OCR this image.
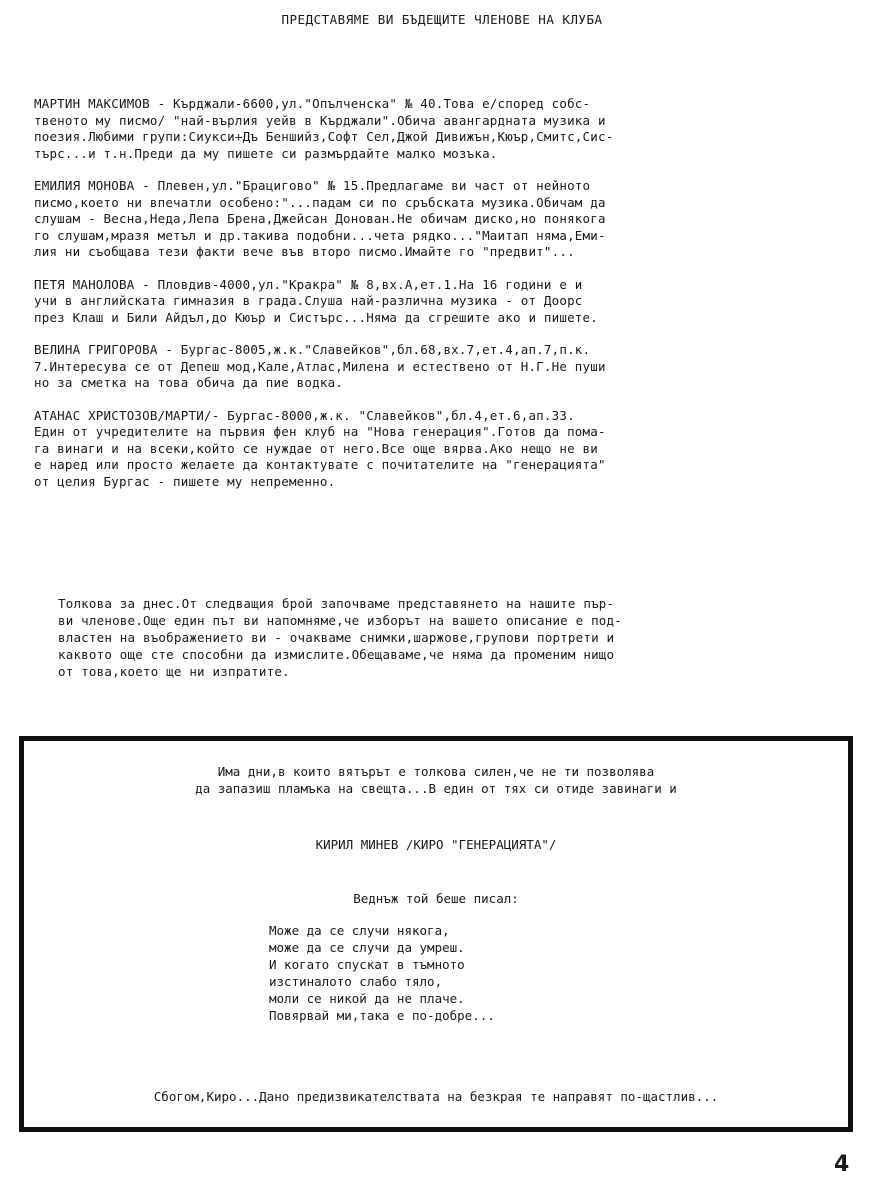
ПРЕДСТАВЯМЕ ВИ БЪДЕЩИТЕ ЧЛЕНОВЕ НА КЛУБА

МАРТИН МАКСИМОВ - Кърджали-6600,ул."Опълченска" № 40.Това е/според собс-
твеното му писмо/ "най-върлия уейв в Кърджали".Обича авангардната музика и
поезия.Любими групи:Сиукси+Дъ Беншийз,Софт Сел,Джой Дивижън,Кюър,Смитс,Сис-
търс...и т.н.Преди да му пишете си размърдайте малко мозъка.

ЕМИЛИЯ МОНОВА - Плевен,ул."Брацигово" № 15.Предлагаме ви част от нейното
писмо,което ни впечатли особено:"...падам си по сръбската музика.Обичам да
слушам - Весна,Неда,Лепа Брена,Джейсан Донован.Не обичам диско,но понякога
го слушам,мразя метъл и др.такива подобни...чета рядко..."Маитап няма,Еми-
лия ни съобщава тези факти вече във второ писмо.Имайте го "предвит"...

ПЕТЯ МАНОЛОВА - Пловдив-4000,ул."Кракра" № 8,вх.А,ет.1.На 16 години е и
учи в английската гимназия в града.Слуша най-различна музика - от Доорс
през Клаш и Били Айдъл,до Кюър и Систърс...Няма да сгрешите ако и пишете.

ВЕЛИНА ГРИГОРОВА - Бургас-8005,ж.к."Славейков",бл.68,вх.7,ет.4,ап.7,п.к.
7.Интересува се от Депеш мод,Кале,Атлас,Милена и естествено от Н.Г.Не пуши
но за сметка на това обича да пие водка.

АТАНАС ХРИСТОЗОВ/МАРТИ/- Бургас-8000,ж.к. "Славейков",бл.4,ет.6,ап.33.
Един от учредителите на първия фен клуб на "Нова генерация".Готов да пома-
га винаги и на всеки,който се нуждае от него.Все още вярва.Ако нещо не ви
е наред или просто желаете да контактувате с почитателите на "генерацията"
от целия Бургас - пишете му непременно.

Толкова за днес.От следващия брой започваме представянето на нашите пър-
ви членове.Още един път ви напомняме,че изборът на вашето описание е под-
властен на въображението ви - очакваме снимки,шаржове,групови портрети и
каквото още сте способни да измислите.Обещаваме,че няма да променим нищо
от това,което ще ни изпратите.

Има дни,в които вятърът е толкова силен,че не ти позволява
да запазиш пламъка на свещта...В един от тях си отиде завинаги и
КИРИЛ МИНЕВ /КИРО "ГЕНЕРАЦИЯТА"/
Веднъж той беше писал:
Може да се случи някога,
може да се случи да умреш.
И когато спускат в тъмното
изстиналото слабо тяло,
моли се никой да не плаче.
Повярвай ми,така е по-добре...
Сбогом,Киро...Дано предизвикателствата на безкрая те направят по-щастлив...
4
